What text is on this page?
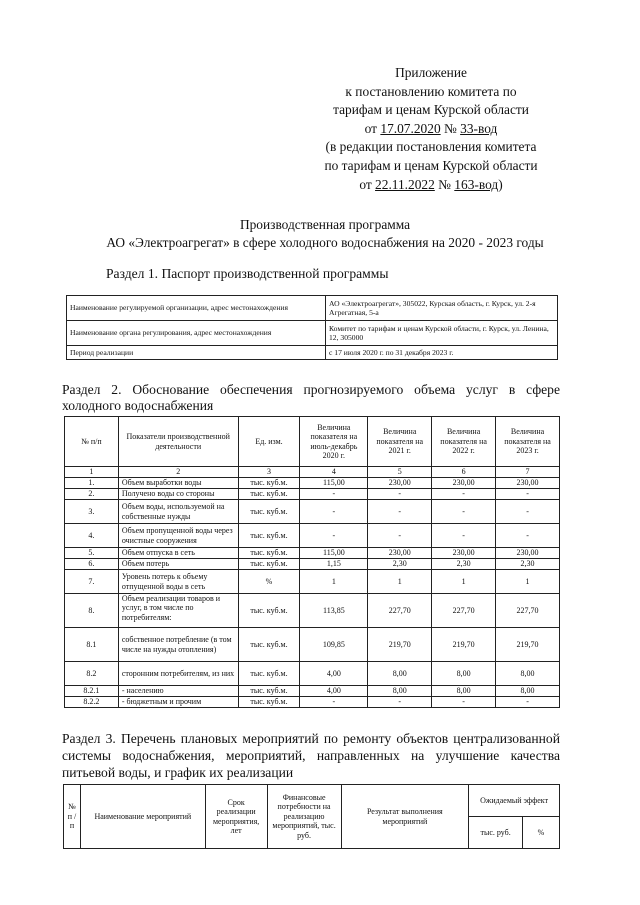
Приложение
к постановлению комитета по
тарифам и ценам Курской области
от 17.07.2020 № 33-вод
(в редакции постановления комитета
по тарифам и ценам Курской области
от 22.11.2022 № 163-вод)
Производственная программа
АО «Электроагрегат» в сфере холодного водоснабжения на 2020 - 2023 годы
Раздел 1. Паспорт производственной программы
Наименование регулируемой организации, адрес местонахождения	АО «Электроагрегат», 305022, Курская область, г. Курск, ул. 2-я Агрегатная, 5-а
Наименование органа регулирования, адрес местонахождения	Комитет по тарифам и ценам Курской области, г. Курск, ул. Ленина, 12, 305000
Период реализации	с 17 июля 2020 г. по 31 декабря 2023 г.
Раздел 2. Обоснование обеспечения прогнозируемого объема услуг в сфере холодного водоснабжения
№ п/п	Показатели производственной деятельности	Ед. изм.	Величина показателя на июль-декабрь 2020 г.	Величина показателя на 2021 г.	Величина показателя на 2022 г.	Величина показателя на 2023 г.
1	2	3	4	5	6	7
1.	Объем выработки воды	тыс. куб.м.	115,00	230,00	230,00	230,00
2.	Получено воды со стороны	тыс. куб.м.	-	-	-	-
3.	Объем воды, используемой на собственные нужды	тыс. куб.м.	-	-	-	-
4.	Объем пропущенной воды через очистные сооружения	тыс. куб.м.	-	-	-	-
5.	Объем отпуска в сеть	тыс. куб.м.	115,00	230,00	230,00	230,00
6.	Объем потерь	тыс. куб.м.	1,15	2,30	2,30	2,30
7.	Уровень потерь к объему отпущенной воды в сеть	%	1	1	1	1
8.	Объем реализации товаров и услуг, в том числе по потребителям:	тыс. куб.м.	113,85	227,70	227,70	227,70
8.1	собственное потребление (в том числе на нужды отопления)	тыс. куб.м.	109,85	219,70	219,70	219,70
8.2	сторонним потребителям, из них	тыс. куб.м.	4,00	8,00	8,00	8,00
8.2.1	- населению	тыс. куб.м.	4,00	8,00	8,00	8,00
8.2.2	- бюджетным и прочим	тыс. куб.м.	-	-	-	-
Раздел 3. Перечень плановых мероприятий по ремонту объектов централизованной системы водоснабжения, мероприятий, направленных на улучшение качества питьевой воды, и график их реализации
№ п / п	Наименование мероприятий	Срок реализации мероприятия, лет	Финансовые потребности на реализацию мероприятий, тыс. руб.	Результат выполнения мероприятий	Ожидаемый эффект	
					тыс. руб.	%
